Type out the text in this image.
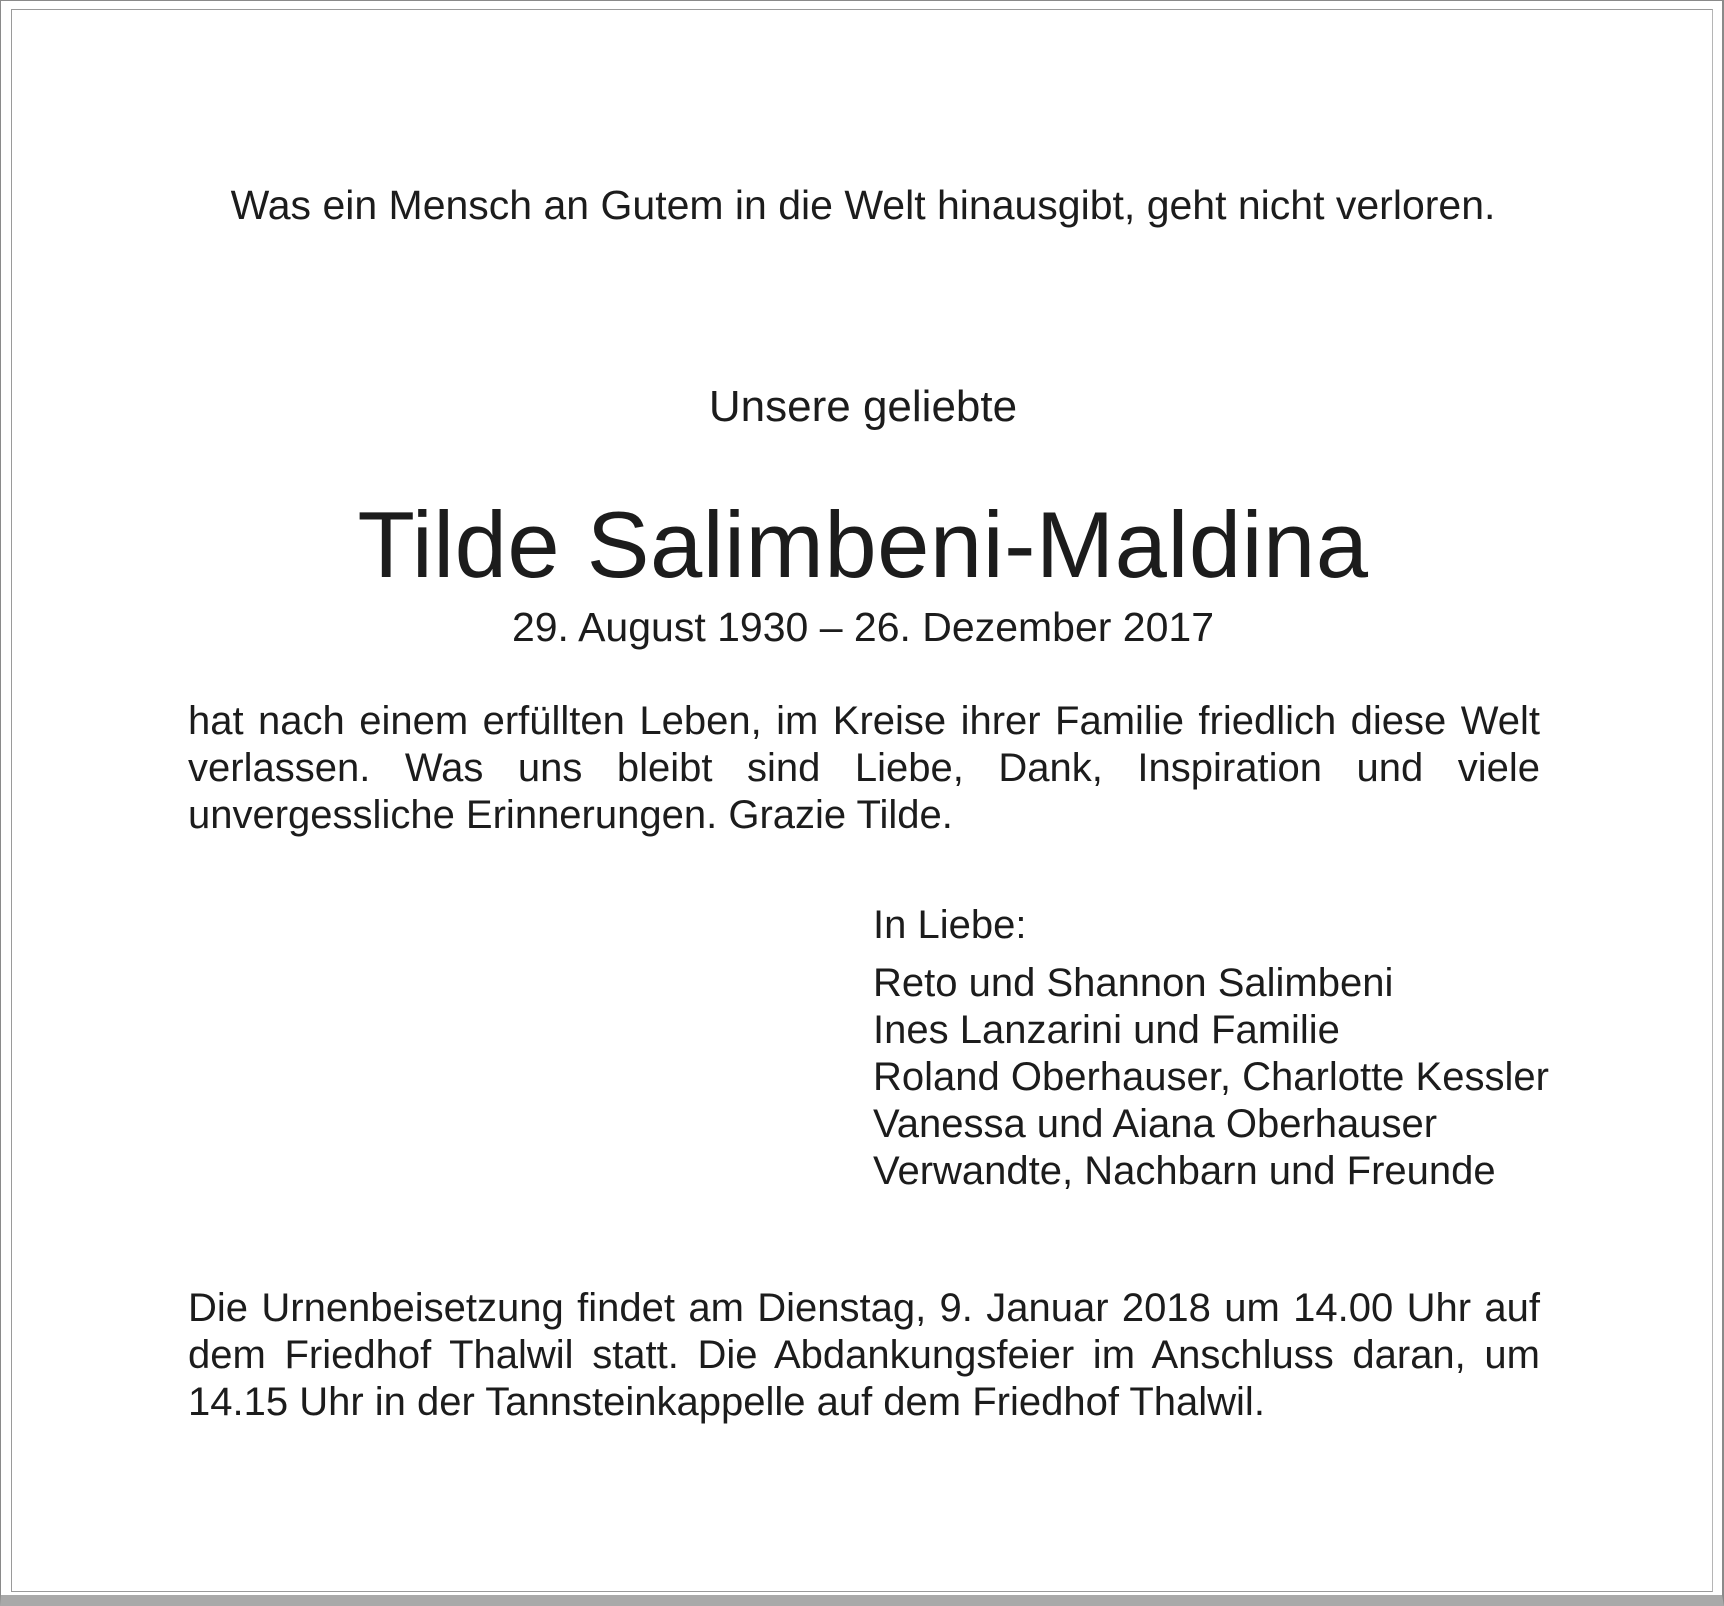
Was ein Mensch an Gutem in die Welt hinausgibt, geht nicht verloren.
Unsere geliebte
Tilde Salimbeni-Maldina
29. August 1930 – 26. Dezember 2017
hat nach einem erfüllten Leben, im Kreise ihrer Familie friedlich diese Welt verlassen. Was uns bleibt sind Liebe, Dank, Inspiration und viele unvergessliche Erinnerungen. Grazie Tilde.
In Liebe:
Reto und Shannon Salimbeni
Ines Lanzarini und Familie
Roland Oberhauser, Charlotte Kessler
Vanessa und Aiana Oberhauser
Verwandte, Nachbarn und Freunde
Die Urnenbeisetzung findet am Dienstag, 9. Januar 2018 um 14.00 Uhr auf dem Friedhof Thalwil statt. Die Abdankungsfeier im Anschluss daran, um 14.15 Uhr in der Tannsteinkappelle auf dem Friedhof Thalwil.
